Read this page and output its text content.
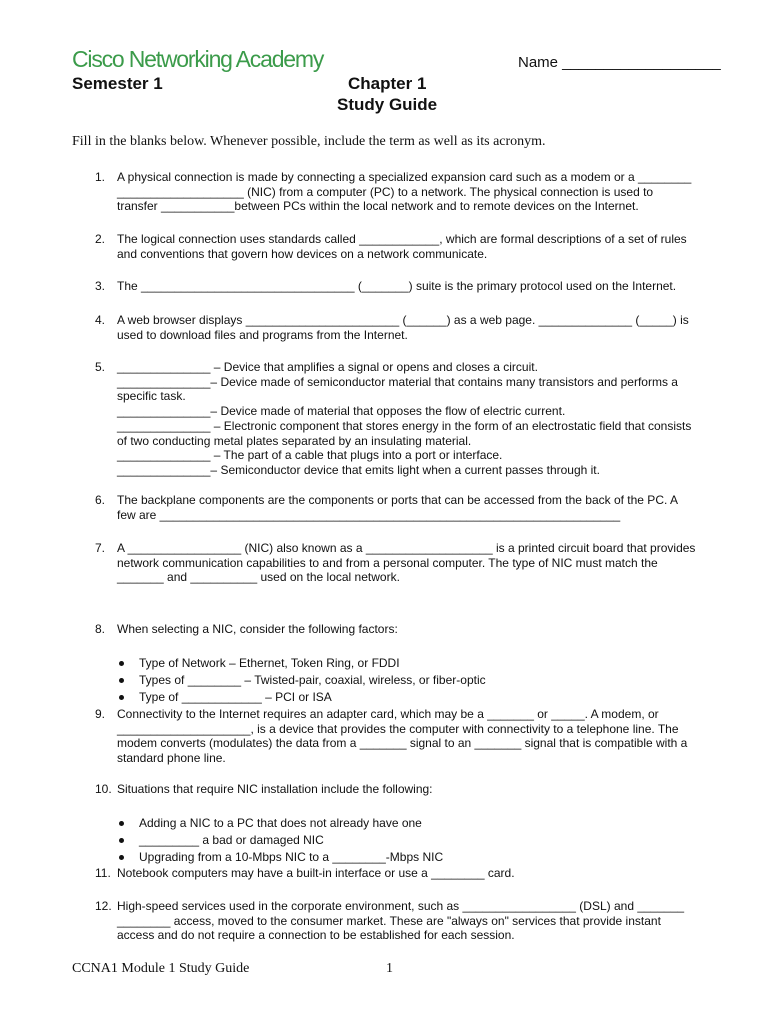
Cisco Networking Academy	Name ___________________
Semester 1	Chapter 1
Study Guide
Fill in the blanks below. Whenever possible, include the term as well as its acronym.
1. A physical connection is made by connecting a specialized expansion card such as a modem or a ________
___________________ (NIC) from a computer (PC) to a network. The physical connection is used to
transfer ___________between PCs within the local network and to remote devices on the Internet.
2. The logical connection uses standards called ____________, which are formal descriptions of a set of rules
and conventions that govern how devices on a network communicate.
3. The ________________________________ (_______) suite is the primary protocol used on the Internet.
4. A web browser displays _______________________ (______) as a web page. ______________ (_____) is
used to download files and programs from the Internet.
5. ______________ – Device that amplifies a signal or opens and closes a circuit.
______________– Device made of semiconductor material that contains many transistors and performs a
specific task.
______________– Device made of material that opposes the flow of electric current.
______________ – Electronic component that stores energy in the form of an electrostatic field that consists
of two conducting metal plates separated by an insulating material.
______________ – The part of a cable that plugs into a port or interface.
______________– Semiconductor device that emits light when a current passes through it.
6. The backplane components are the components or ports that can be accessed from the back of the PC. A
few are _____________________________________________________________________
7. A _________________ (NIC) also known as a ___________________ is a printed circuit board that provides
network communication capabilities to and from a personal computer. The type of NIC must match the
_______ and __________ used on the local network.
8. When selecting a NIC, consider the following factors:
Type of Network – Ethernet, Token Ring, or FDDI
Types of ________ – Twisted-pair, coaxial, wireless, or fiber-optic
Type of ____________ – PCI or ISA
9. Connectivity to the Internet requires an adapter card, which may be a _______ or _____. A modem, or
____________________, is a device that provides the computer with connectivity to a telephone line. The
modem converts (modulates) the data from a _______ signal to an _______ signal that is compatible with a
standard phone line.
10. Situations that require NIC installation include the following:
Adding a NIC to a PC that does not already have one
_________ a bad or damaged NIC
Upgrading from a 10-Mbps NIC to a ________-Mbps NIC
11. Notebook computers may have a built-in interface or use a ________ card.
12. High-speed services used in the corporate environment, such as _________________ (DSL) and _______
________ access, moved to the consumer market. These are "always on" services that provide instant
access and do not require a connection to be established for each session.
CCNA1 Module 1 Study Guide	1
